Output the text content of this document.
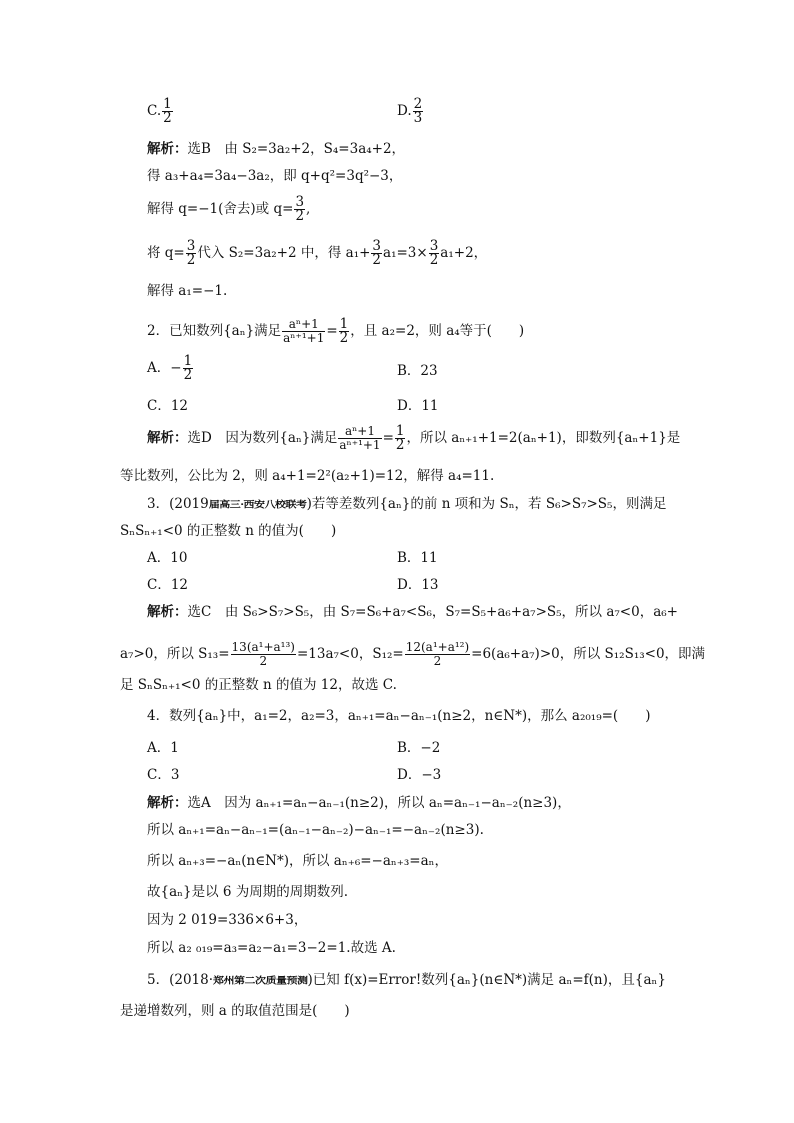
C. $\frac{1}{2}$	D. $\frac{2}{3}$
解析：选B　由 S₂=3a₂+2，S₄=3a₄+2，
得 a₃+a₄=3a₄−3a₂，即 q+q²=3q²−3，
解得 q=−1(舍去)或 $q= \frac{3}{2}$ ,
将 $q= \frac{3}{2}$ 代入 S₂=3a₂+2 中，得 $a_1+ \frac{3}{2} a_1=3\times \frac{3}{2} a_1+2$，
解得 a₁=−1.
2．已知数列{aₙ}满足 $\frac{\text{aⁿ+1}}{\text{aⁿ⁺¹+1}} = \frac{1}{2}$ ，且 a₂=2，则 a₄等于(　　)
A．− $\frac{1}{2}$	B．23
C．12	D．11
解析：选D　因为数列{aₙ}满足 $\frac{\text{aⁿ+1}}{\text{aⁿ⁺¹+1}} = \frac{1}{2}$ ，所以 aₙ₊₁+1=2(aₙ+1)，即数列{aₙ+1}是
等比数列，公比为 2，则 a₄+1=2²(a₂+1)=12，解得 a₄=11.
3．(2019届高三·西安八校联考)若等差数列{aₙ}的前 n 项和为 Sₙ，若 S₆>S₇>S₅，则满足
SₙSₙ₊₁<0 的正整数 n 的值为(　　)
A．10	B．11
C．12	D．13
解析：选C　由 S₆>S₇>S₅，由 S₇=S₆+a₇<S₆，S₇=S₅+a₆+a₇>S₅，所以 a₇<0，a₆+
a₇>0，所以 $S_{13}= \frac{\text{13(a¹+a¹³)}}{2} =13a_7<0$，$S_{12}= \frac{\text{12(a¹+a¹²)}}{2} =6(a_6+a_7)>0$，所以 S₁₂S₁₃<0，即满
足 SₙSₙ₊₁<0 的正整数 n 的值为 12，故选 C.
4．数列{aₙ}中，a₁=2，a₂=3，aₙ₊₁=aₙ−aₙ₋₁(n≥2，n∈N*)，那么 a₂₀₁₉=(　　)
A．1	B．−2
C．3	D．−3
解析：选A　因为 aₙ₊₁=aₙ−aₙ₋₁(n≥2)，所以 aₙ=aₙ₋₁−aₙ₋₂(n≥3)，
所以 aₙ₊₁=aₙ−aₙ₋₁=(aₙ₋₁−aₙ₋₂)−aₙ₋₁=−aₙ₋₂(n≥3).
所以 aₙ₊₃=−aₙ(n∈N*)，所以 aₙ₊₆=−aₙ₊₃=aₙ，
故{aₙ}是以 6 为周期的周期数列.
因为 2 019=336×6+3，
所以 a₂ ₀₁₉=a₃=a₂−a₁=3−2=1.故选 A.
5．(2018·郑州第二次质量预测)已知 f(x)=Error!数列{aₙ}(n∈N*)满足 aₙ=f(n)，且{aₙ}
是递增数列，则 a 的取值范围是(　　)
